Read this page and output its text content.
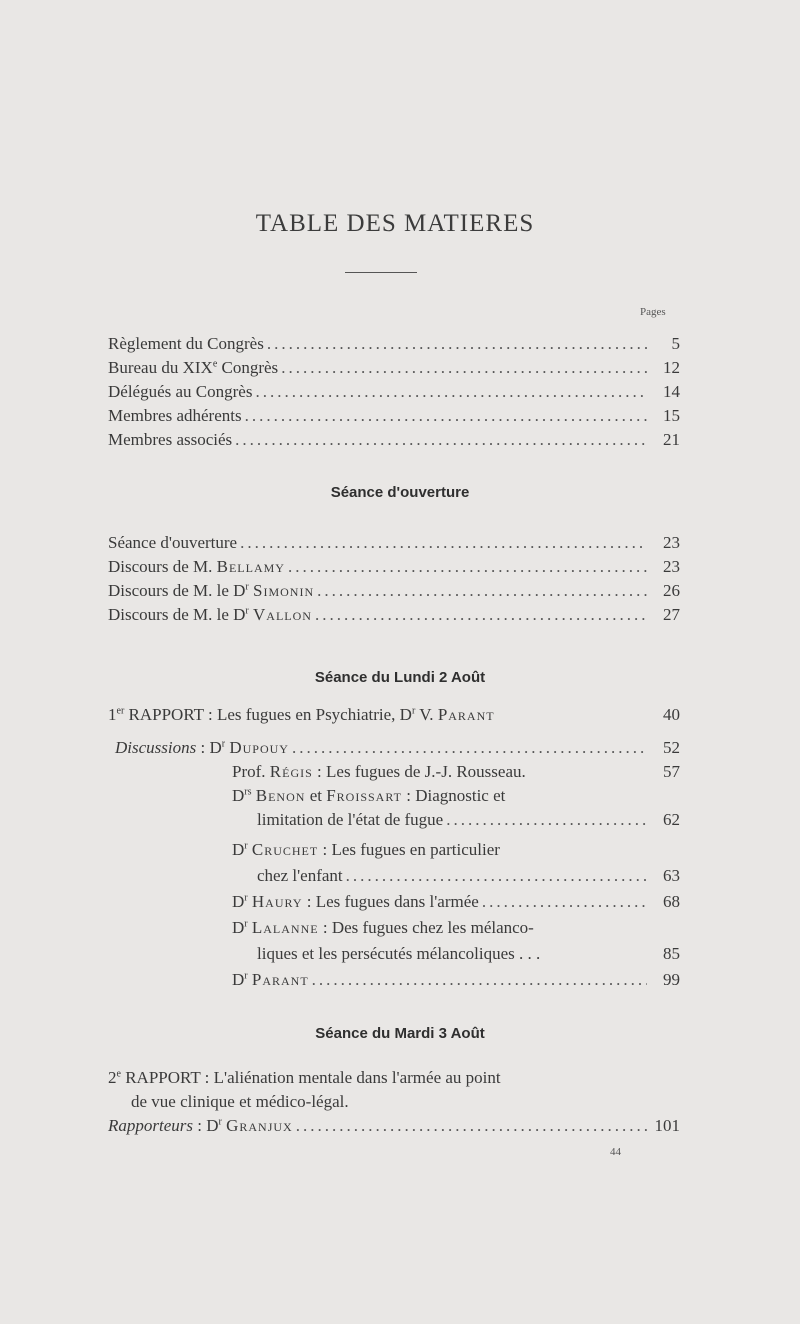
TABLE DES MATIERES
Pages
Règlement du Congrès .....	5
Bureau du XIXe Congrès .....	12
Délégués au Congrès .....	14
Membres adhérents .....	15
Membres associés .....	21
Séance d'ouverture
Séance d'ouverture .....	23
Discours de M. Bellamy .....	23
Discours de M. le $D^r$ Simonin .....	26
Discours de M. le $D^r$ Vallon .....	27
Séance du Lundi 2 Août
1er RAPPORT : Les fugues en Psychiatrie, $D^r$ V. Parant	40
Discussions : $D^r$ Dupouy .....	52
Prof. Régis : Les fugues de J.-J. Rousseau.	57
$D^{rs}$ Benon et Froissart : Diagnostic et
limitation de l'état de fugue .....	62
$D^r$ Cruchet : Les fugues en particulier
chez l'enfant .....	63
$D^r$ Haury : Les fugues dans l'armée .....	68
$D^r$ Lalanne : Des fugues chez les mélanco-
liques et les persécutés mélancoliques . . .	85
$D^r$ Parant .....	99
Séance du Mardi 3 Août
2e RAPPORT : L'aliénation mentale dans l'armée au point
de vue clinique et médico-légal.
Rapporteurs : $D^r$ Granjux .....	101
44
